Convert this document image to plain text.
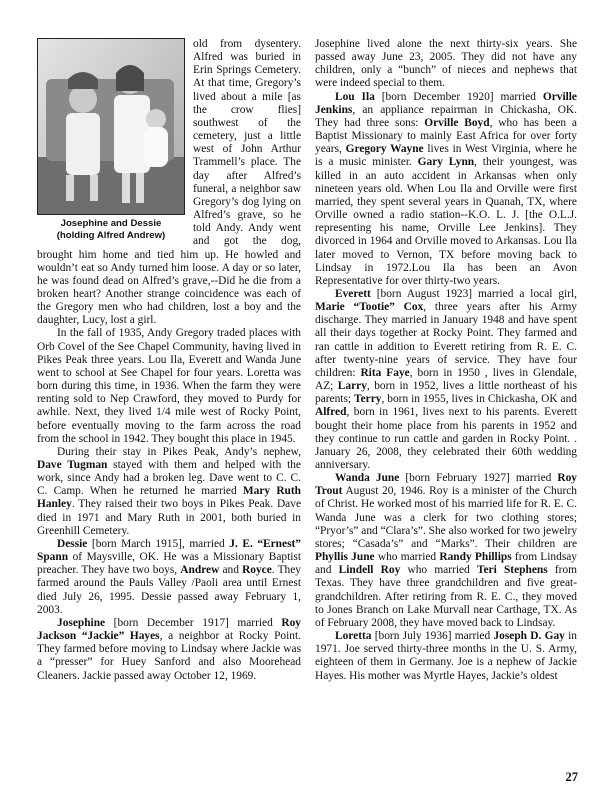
Josephine and Dessie
(holding Alfred Andrew)

old from dysentery. Alfred was buried in Erin Springs Cemetery. At that time, Gregory’s lived about a mile [as the crow flies] southwest of the cemetery, just a little west of John Arthur Trammell’s place. The day after Alfred’s funeral, a neighbor saw Gregory’s dog lying on Alfred’s grave, so he told Andy. Andy went and got the dog, brought him home and tied him up. He howled and wouldn’t eat so Andy turned him loose. A day or so later, he was found dead on Alfred’s grave,--Did he die from a broken heart? Another strange coincidence was each of the Gregory men who had children, lost a boy and the daughter, Lucy, lost a girl.

In the fall of 1935, Andy Gregory traded places with Orb Covel of the See Chapel Community, having lived in Pikes Peak three years. Lou Ila, Everett and Wanda June went to school at See Chapel for four years. Loretta was born during this time, in 1936. When the farm they were renting sold to Nep Crawford, they moved to Purdy for awhile. Next, they lived 1/4 mile west of Rocky Point, before eventually moving to the farm across the road from the school in 1942. They bought this place in 1945.

During their stay in Pikes Peak, Andy’s nephew, Dave Tugman stayed with them and helped with the work, since Andy had a broken leg. Dave went to C. C. C. Camp. When he returned he married Mary Ruth Hanley. They raised their two boys in Pikes Peak. Dave died in 1971 and Mary Ruth in 2001, both buried in Greenhill Cemetery.

Dessie [born March 1915], married J. E. “Ernest” Spann of Maysville, OK. He was a Missionary Baptist preacher. They have two boys, Andrew and Royce. They farmed around the Pauls Valley /Paoli area until Ernest died July 26, 1995. Dessie passed away February 1, 2003.

Josephine [born December 1917] married Roy Jackson “Jackie” Hayes, a neighbor at Rocky Point. They farmed before moving to Lindsay where Jackie was a “presser” for Huey Sanford and also Moorehead Cleaners. Jackie passed away October 12, 1969.

Josephine lived alone the next thirty-six years. She passed away June 23, 2005. They did not have any children, only a “bunch” of nieces and nephews that were indeed special to them.

Lou Ila [born December 1920] married Orville Jenkins, an appliance repairman in Chickasha, OK. They had three sons: Orville Boyd, who has been a Baptist Missionary to mainly East Africa for over forty years, Gregory Wayne lives in West Virginia, where he is a music minister. Gary Lynn, their youngest, was killed in an auto accident in Arkansas when only nineteen years old. When Lou Ila and Orville were first married, they spent several years in Quanah, TX, where Orville owned a radio station--K.O. L. J. [the O.L.J. representing his name, Orville Lee Jenkins]. They divorced in 1964 and Orville moved to Arkansas. Lou Ila later moved to Vernon, TX before moving back to Lindsay in 1972.Lou Ila has been an Avon Representative for over thirty-two years.

Everett [born August 1923] married a local girl, Marie “Tootie” Cox, three years after his Army discharge. They married in January 1948 and have spent all their days together at Rocky Point. They farmed and ran cattle in addition to Everett retiring from R. E. C. after twenty-nine years of service. They have four children: Rita Faye, born in 1950 , lives in Glendale, AZ; Larry, born in 1952, lives a little northeast of his parents; Terry, born in 1955, lives in Chickasha, OK and Alfred, born in 1961, lives next to his parents. Everett bought their home place from his parents in 1952 and they continue to run cattle and garden in Rocky Point. . January 26, 2008, they celebrated their 60th wedding anniversary.

Wanda June [born February 1927] married Roy Trout August 20, 1946. Roy is a minister of the Church of Christ. He worked most of his married life for R. E. C. Wanda June was a clerk for two clothing stores; “Pryor’s” and “Clara’s”. She also worked for two jewelry stores; “Casada’s” and “Marks”. Their children are Phyllis June who married Randy Phillips from Lindsay and Lindell Roy who married Teri Stephens from Texas. They have three grandchildren and five great-grandchildren. After retiring from R. E. C., they moved to Jones Branch on Lake Murvall near Carthage, TX. As of February 2008, they have moved back to Lindsay.

Loretta [born July 1936] married Joseph D. Gay in 1971. Joe served thirty-three months in the U. S. Army, eighteen of them in Germany. Joe is a nephew of Jackie Hayes. His mother was Myrtle Hayes, Jackie’s oldest

27
